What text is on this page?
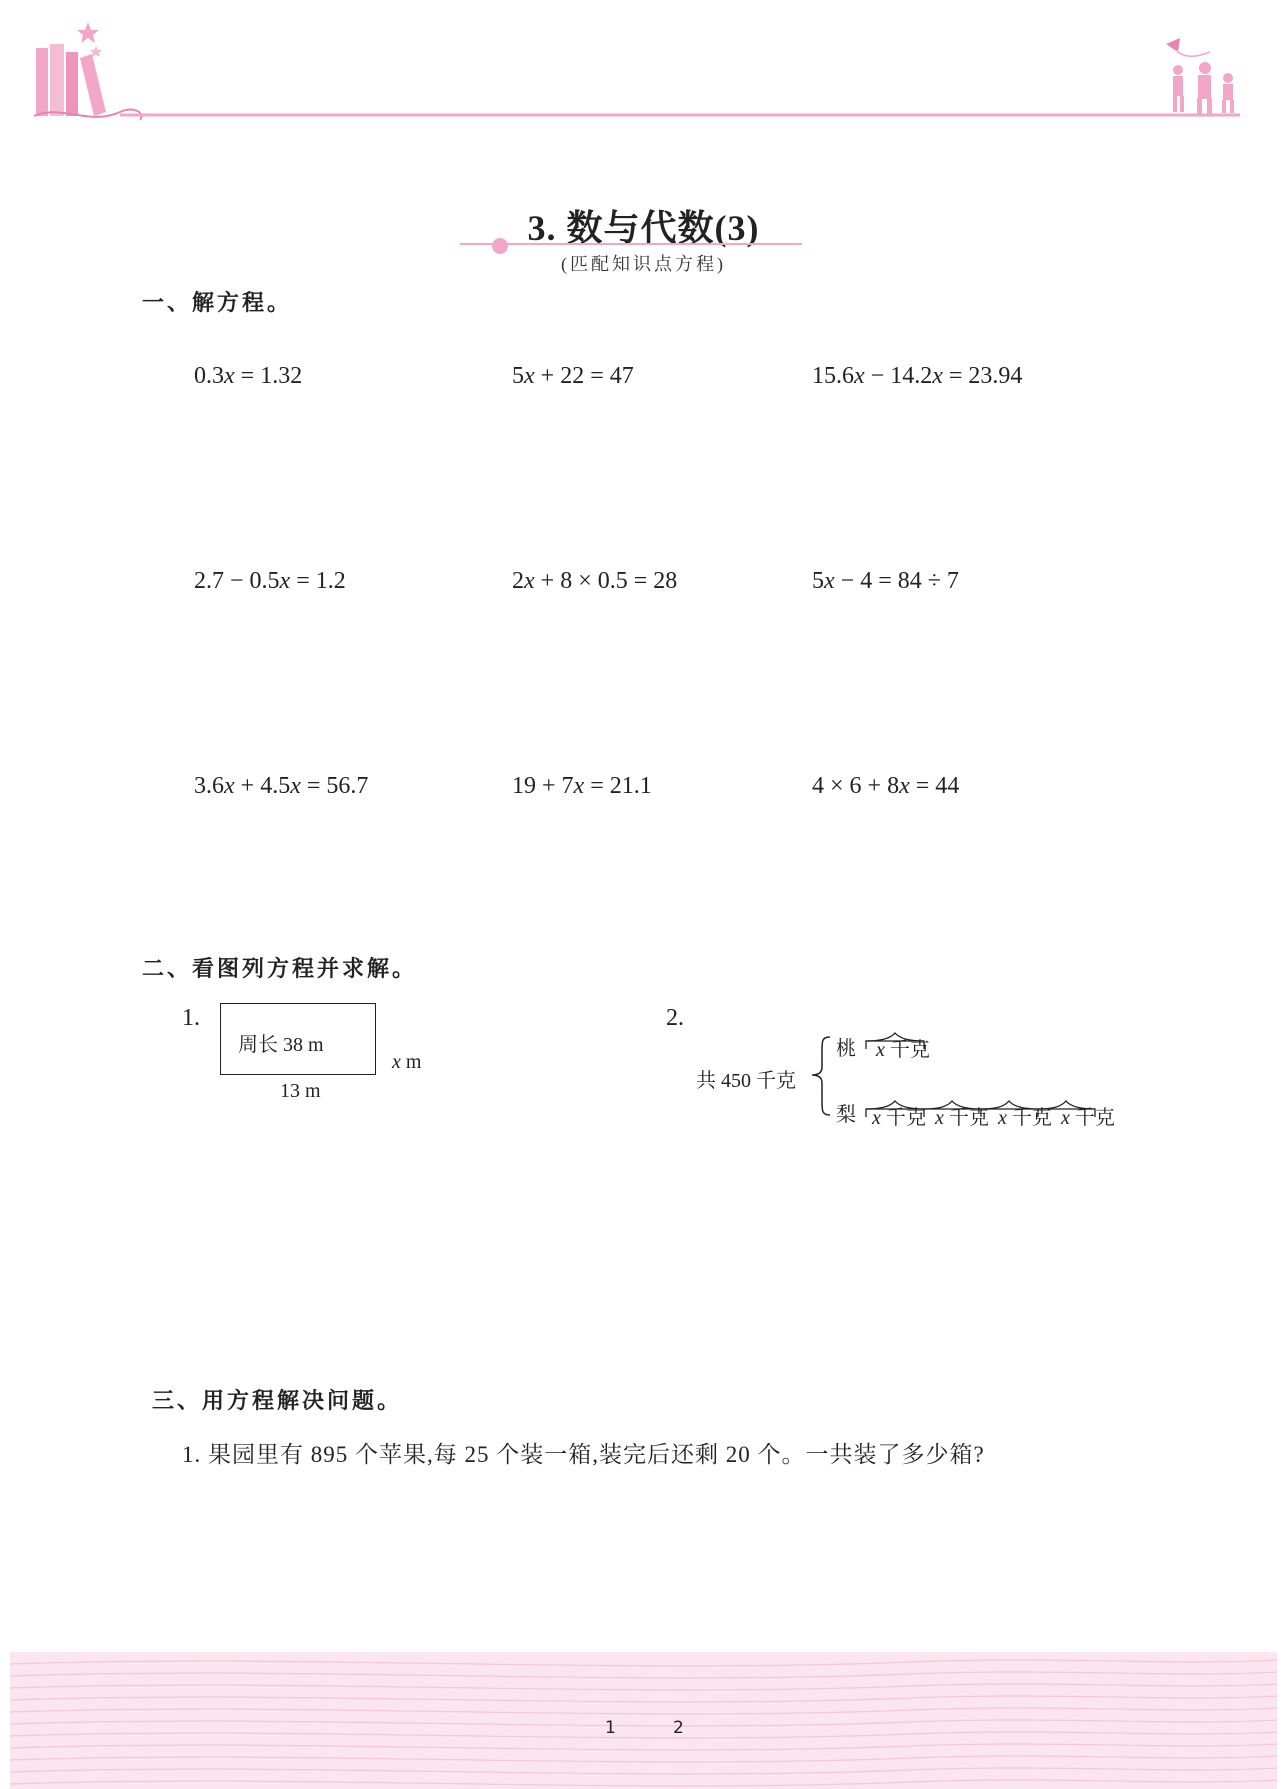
3. 数与代数(3)
(匹配知识点方程)
一、解方程。

0.3x = 1.32	5x + 22 = 47	15.6x − 14.2x = 23.94

2.7 − 0.5x = 1.2	2x + 8 × 0.5 = 28	5x − 4 = 84 ÷ 7

3.6x + 4.5x = 56.7	19 + 7x = 21.1	4 × 6 + 8x = 44

二、看图列方程并求解。
1.
周长 38 m

x m

13 m
2.
共 450 千克
桃
梨

x 千克

x 千克 x 千克 x 千克 x 千克

三、用方程解决问题。
1. 果园里有 895 个苹果,每 25 个装一箱,装完后还剩 20 个。一共装了多少箱?
1	2
